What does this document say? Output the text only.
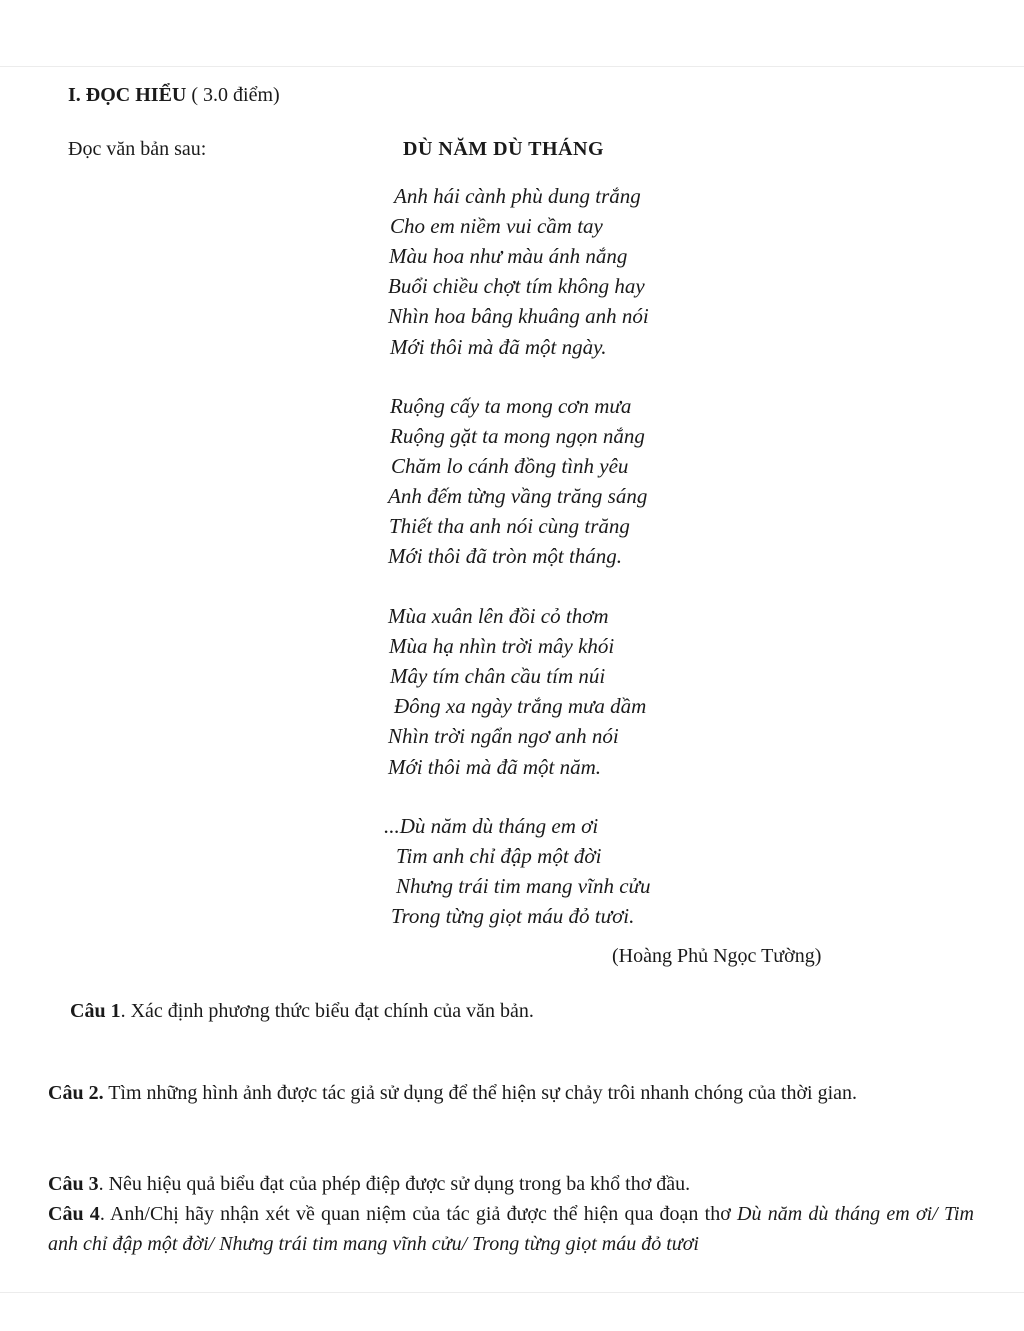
I. ĐỌC HIỂU ( 3.0 điểm)
Đọc văn bản sau:	DÙ NĂM DÙ THÁNG
Anh hái cành phù dung trắng
Cho em niềm vui cầm tay
Màu hoa như màu ánh nắng
Buổi chiều chợt tím không hay
Nhìn hoa bâng khuâng anh nói
Mới thôi mà đã một ngày.
Ruộng cấy ta mong cơn mưa
Ruộng gặt ta mong ngọn nắng
Chăm lo cánh đồng tình yêu
Anh đếm từng vầng trăng sáng
Thiết tha anh nói cùng trăng
Mới thôi đã tròn một tháng.
Mùa xuân lên đồi cỏ thơm
Mùa hạ nhìn trời mây khói
Mây tím chân cầu tím núi
Đông xa ngày trắng mưa dầm
Nhìn trời ngẩn ngơ anh nói
Mới thôi mà đã một năm.
...Dù năm dù tháng em ơi
Tim anh chỉ đập một đời
Nhưng trái tim mang vĩnh cửu
Trong từng giọt máu đỏ tươi.
(Hoàng Phủ Ngọc Tường)
Câu 1. Xác định phương thức biểu đạt chính của văn bản.
Câu 2. Tìm những hình ảnh được tác giả sử dụng để thể hiện sự chảy trôi nhanh chóng của thời gian.
Câu 3. Nêu hiệu quả biểu đạt của phép điệp được sử dụng trong ba khổ thơ đầu.
Câu 4. Anh/Chị hãy nhận xét về quan niệm của tác giả được thể hiện qua đoạn thơ Dù năm dù tháng em ơi/ Tim anh chỉ đập một đời/ Nhưng trái tim mang vĩnh cửu/ Trong từng giọt máu đỏ tươi
